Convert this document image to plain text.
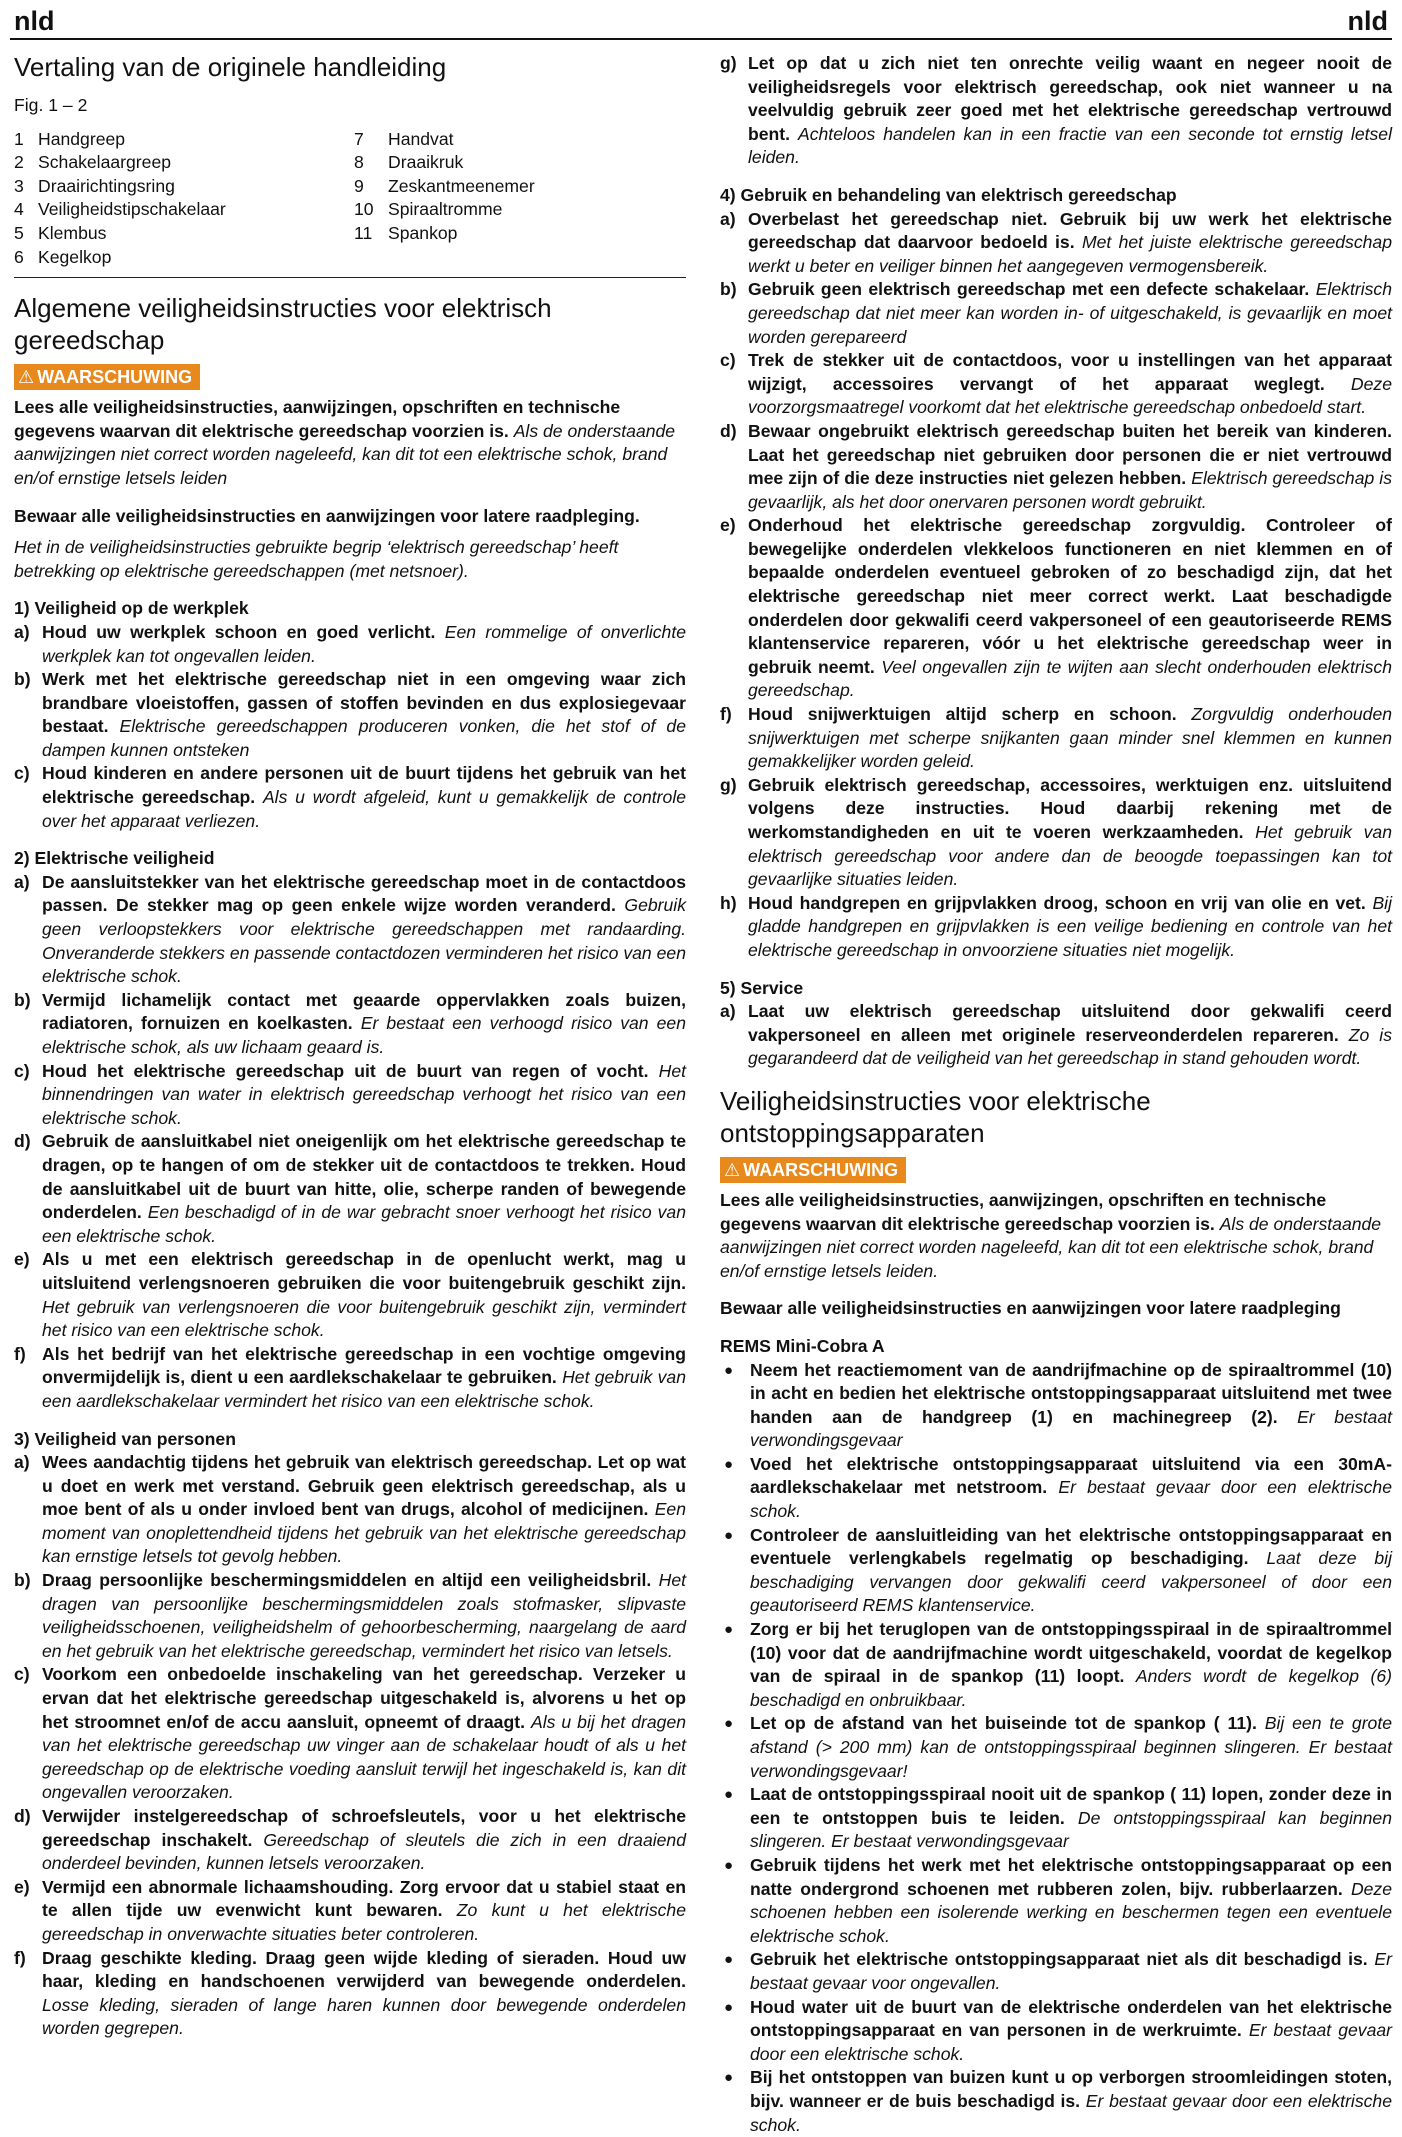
nld	nld
Vertaling van de originele handleiding

Fig. 1 – 2

1 Handgreep	7	Handvat
2 Schakelaargreep	8	Draaikruk
3 Draairichtingsring	9	Zeskantmeenemer
4 Veiligheidstipschakelaar	10 Spiraaltromme
5 Klembus	11 Spankop
6 Kegelkop
Algemene veiligheidsinstructies voor elektrisch gereedschap
⚠ WAARSCHUWING

Lees alle veiligheidsinstructies, aanwijzingen, opschriften en technische gegevens waarvan dit elektrische gereedschap voorzien is. Als de onderstaande aanwijzingen niet correct worden nageleefd, kan dit tot een elektrische schok, brand en/of ernstige letsels leiden

Bewaar alle veiligheidsinstructies en aanwijzingen voor latere raadpleging.

Het in de veiligheidsinstructies gebruikte begrip ‘elektrisch gereedschap’ heeft betrekking op elektrische gereedschappen (met netsnoer).

1) Veiligheid op de werkplek

a) Houd uw werkplek schoon en goed verlicht. Een rommelige of onverlichte werkplek kan tot ongevallen leiden.
b) Werk met het elektrische gereedschap niet in een omgeving waar zich brandbare vloeistoffen, gassen of stoffen bevinden en dus explosiegevaar bestaat. Elektrische gereedschappen produceren vonken, die het stof of de dampen kunnen ontsteken
c) Houd kinderen en andere personen uit de buurt tijdens het gebruik van het elektrische gereedschap. Als u wordt afgeleid, kunt u gemakkelijk de controle over het apparaat verliezen.

2) Elektrische veiligheid

a) De aansluitstekker van het elektrische gereedschap moet in de contactdoos passen. De stekker mag op geen enkele wijze worden veranderd. Gebruik geen verloopstekkers voor elektrische gereedschappen met randaarding. Onveranderde stekkers en passende contactdozen verminderen het risico van een elektrische schok.
b) Vermijd lichamelijk contact met geaarde oppervlakken zoals buizen, radiatoren, fornuizen en koelkasten. Er bestaat een verhoogd risico van een elektrische schok, als uw lichaam geaard is.
c) Houd het elektrische gereedschap uit de buurt van regen of vocht. Het binnendringen van water in elektrisch gereedschap verhoogt het risico van een elektrische schok.
d) Gebruik de aansluitkabel niet oneigenlijk om het elektrische gereedschap te dragen, op te hangen of om de stekker uit de contactdoos te trekken. Houd de aansluitkabel uit de buurt van hitte, olie, scherpe randen of bewegende onderdelen. Een beschadigd of in de war gebracht snoer verhoogt het risico van een elektrische schok.
e) Als u met een elektrisch gereedschap in de openlucht werkt, mag u uitsluitend verlengsnoeren gebruiken die voor buitengebruik geschikt zijn. Het gebruik van verlengsnoeren die voor buitengebruik geschikt zijn, vermindert het risico van een elektrische schok.
f) Als het bedrijf van het elektrische gereedschap in een vochtige omgeving onvermijdelijk is, dient u een aardlekschakelaar te gebruiken. Het gebruik van een aardlekschakelaar vermindert het risico van een elektrische schok.

3) Veiligheid van personen

a) Wees aandachtig tijdens het gebruik van elektrisch gereedschap. Let op wat u doet en werk met verstand. Gebruik geen elektrisch gereedschap, als u moe bent of als u onder invloed bent van drugs, alcohol of medicijnen. Een moment van onoplettendheid tijdens het gebruik van het elektrische gereedschap kan ernstige letsels tot gevolg hebben.
b) Draag persoonlijke beschermingsmiddelen en altijd een veiligheidsbril. Het dragen van persoonlijke beschermingsmiddelen zoals stofmasker, slipvaste veiligheidsschoenen, veiligheidshelm of gehoorbescherming, naargelang de aard en het gebruik van het elektrische gereedschap, vermindert het risico van letsels.
c) Voorkom een onbedoelde inschakeling van het gereedschap. Verzeker u ervan dat het elektrische gereedschap uitgeschakeld is, alvorens u het op het stroomnet en/of de accu aansluit, opneemt of draagt. Als u bij het dragen van het elektrische gereedschap uw vinger aan de schakelaar houdt of als u het gereedschap op de elektrische voeding aansluit terwijl het ingeschakeld is, kan dit ongevallen veroorzaken.
d) Verwijder instelgereedschap of schroefsleutels, voor u het elektrische gereedschap inschakelt. Gereedschap of sleutels die zich in een draaiend onderdeel bevinden, kunnen letsels veroorzaken.
e) Vermijd een abnormale lichaamshouding. Zorg ervoor dat u stabiel staat en te allen tijde uw evenwicht kunt bewaren. Zo kunt u het elektrische gereedschap in onverwachte situaties beter controleren.
f) Draag geschikte kleding. Draag geen wijde kleding of sieraden. Houd uw haar, kleding en handschoenen verwijderd van bewegende onderdelen. Losse kleding, sieraden of lange haren kunnen door bewegende onderdelen worden gegrepen.
g) Let op dat u zich niet ten onrechte veilig waant en negeer nooit de veiligheidsregels voor elektrisch gereedschap, ook niet wanneer u na veelvuldig gebruik zeer goed met het elektrische gereedschap vertrouwd bent. Achteloos handelen kan in een fractie van een seconde tot ernstig letsel leiden.

4) Gebruik en behandeling van elektrisch gereedschap

a) Overbelast het gereedschap niet. Gebruik bij uw werk het elektrische gereedschap dat daarvoor bedoeld is. Met het juiste elektrische gereedschap werkt u beter en veiliger binnen het aangegeven vermogensbereik.
b) Gebruik geen elektrisch gereedschap met een defecte schakelaar. Elektrisch gereedschap dat niet meer kan worden in- of uitgeschakeld, is gevaarlijk en moet worden gerepareerd
c) Trek de stekker uit de contactdoos, voor u instellingen van het apparaat wijzigt, accessoires vervangt of het apparaat weglegt. Deze voorzorgsmaatregel voorkomt dat het elektrische gereedschap onbedoeld start.
d) Bewaar ongebruikt elektrisch gereedschap buiten het bereik van kinderen. Laat het gereedschap niet gebruiken door personen die er niet vertrouwd mee zijn of die deze instructies niet gelezen hebben. Elektrisch gereedschap is gevaarlijk, als het door onervaren personen wordt gebruikt.
e) Onderhoud het elektrische gereedschap zorgvuldig. Controleer of bewegelijke onderdelen vlekkeloos functioneren en niet klemmen en of bepaalde onderdelen eventueel gebroken of zo beschadigd zijn, dat het elektrische gereedschap niet meer correct werkt. Laat beschadigde onderdelen door gekwalifi ceerd vakpersoneel of een geautoriseerde REMS klantenservice repareren, vóór u het elektrische gereedschap weer in gebruik neemt. Veel ongevallen zijn te wijten aan slecht onderhouden elektrisch gereedschap.
f) Houd snijwerktuigen altijd scherp en schoon. Zorgvuldig onderhouden snijwerktuigen met scherpe snijkanten gaan minder snel klemmen en kunnen gemakkelijker worden geleid.
g) Gebruik elektrisch gereedschap, accessoires, werktuigen enz. uitsluitend volgens deze instructies. Houd daarbij rekening met de werkomstandigheden en uit te voeren werkzaamheden. Het gebruik van elektrisch gereedschap voor andere dan de beoogde toepassingen kan tot gevaarlijke situaties leiden.
h) Houd handgrepen en grijpvlakken droog, schoon en vrij van olie en vet. Bij gladde handgrepen en grijpvlakken is een veilige bediening en controle van het elektrische gereedschap in onvoorziene situaties niet mogelijk.

5) Service

a) Laat uw elektrisch gereedschap uitsluitend door gekwalifi ceerd vakpersoneel en alleen met originele reserveonderdelen repareren. Zo is gegarandeerd dat de veiligheid van het gereedschap in stand gehouden wordt.
Veiligheidsinstructies voor elektrische ontstoppingsapparaten
⚠ WAARSCHUWING

Lees alle veiligheidsinstructies, aanwijzingen, opschriften en technische gegevens waarvan dit elektrische gereedschap voorzien is. Als de onderstaande aanwijzingen niet correct worden nageleefd, kan dit tot een elektrische schok, brand en/of ernstige letsels leiden.

Bewaar alle veiligheidsinstructies en aanwijzingen voor latere raadpleging

REMS Mini-Cobra A

● Neem het reactiemoment van de aandrijfmachine op de spiraaltrommel (10) in acht en bedien het elektrische ontstoppingsapparaat uitsluitend met twee handen aan de handgreep (1) en machinegreep (2). Er bestaat verwondingsgevaar
● Voed het elektrische ontstoppingsapparaat uitsluitend via een 30mA-aardlekschakelaar met netstroom. Er bestaat gevaar door een elektrische schok.
● Controleer de aansluitleiding van het elektrische ontstoppingsapparaat en eventuele verlengkabels regelmatig op beschadiging. Laat deze bij beschadiging vervangen door gekwalifi ceerd vakpersoneel of door een geautoriseerd REMS klantenservice.
● Zorg er bij het teruglopen van de ontstoppingsspiraal in de spiraaltrommel (10) voor dat de aandrijfmachine wordt uitgeschakeld, voordat de kegelkop van de spiraal in de spankop (11) loopt. Anders wordt de kegelkop (6) beschadigd en onbruikbaar.
● Let op de afstand van het buiseinde tot de spankop ( 11). Bij een te grote afstand (> 200 mm) kan de ontstoppingsspiraal beginnen slingeren. Er bestaat verwondingsgevaar!
● Laat de ontstoppingsspiraal nooit uit de spankop ( 11) lopen, zonder deze in een te ontstoppen buis te leiden. De ontstoppingsspiraal kan beginnen slingeren. Er bestaat verwondingsgevaar
● Gebruik tijdens het werk met het elektrische ontstoppingsapparaat op een natte ondergrond schoenen met rubberen zolen, bijv. rubberlaarzen. Deze schoenen hebben een isolerende werking en beschermen tegen een eventuele elektrische schok.
● Gebruik het elektrische ontstoppingsapparaat niet als dit beschadigd is. Er bestaat gevaar voor ongevallen.
● Houd water uit de buurt van de elektrische onderdelen van het elektrische ontstoppingsapparaat en van personen in de werkruimte. Er bestaat gevaar door een elektrische schok.
● Bij het ontstoppen van buizen kunt u op verborgen stroomleidingen stoten, bijv. wanneer er de buis beschadigd is. Er bestaat gevaar door een elektrische schok.
